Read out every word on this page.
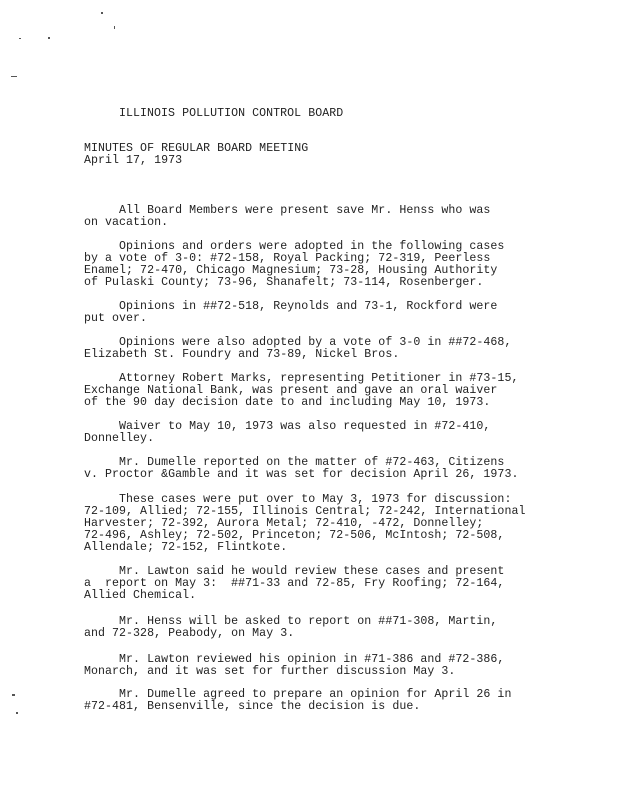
ILLINOIS POLLUTION CONTROL BOARD
MINUTES OF REGULAR BOARD MEETING
April 17, 1973
All Board Members were present save Mr. Henss who was
on vacation.
Opinions and orders were adopted in the following cases
by a vote of 3-0: #72-158, Royal Packing; 72-319, Peerless
Enamel; 72-470, Chicago Magnesium; 73-28, Housing Authority
of Pulaski County; 73-96, Shanafelt; 73-114, Rosenberger.
Opinions in ##72-518, Reynolds and 73-1, Rockford were
put over.
Opinions were also adopted by a vote of 3-0 in ##72-468,
Elizabeth St. Foundry and 73-89, Nickel Bros.
Attorney Robert Marks, representing Petitioner in #73-15,
Exchange National Bank, was present and gave an oral waiver
of the 90 day decision date to and including May 10, 1973.
Waiver to May 10, 1973 was also requested in #72-410,
Donnelley.
Mr. Dumelle reported on the matter of #72-463, Citizens
v. Proctor &Gamble and it was set for decision April 26, 1973.
These cases were put over to May 3, 1973 for discussion:
72-109, Allied; 72-155, Illinois Central; 72-242, International
Harvester; 72-392, Aurora Metal; 72-410, -472, Donnelley;
72-496, Ashley; 72-502, Princeton; 72-506, McIntosh; 72-508,
Allendale; 72-152, Flintkote.
Mr. Lawton said he would review these cases and present
a  report on May 3:  ##71-33 and 72-85, Fry Roofing; 72-164,
Allied Chemical.
Mr. Henss will be asked to report on ##71-308, Martin,
and 72-328, Peabody, on May 3.
Mr. Lawton reviewed his opinion in #71-386 and #72-386,
Monarch, and it was set for further discussion May 3.
Mr. Dumelle agreed to prepare an opinion for April 26 in
#72-481, Bensenville, since the decision is due.
